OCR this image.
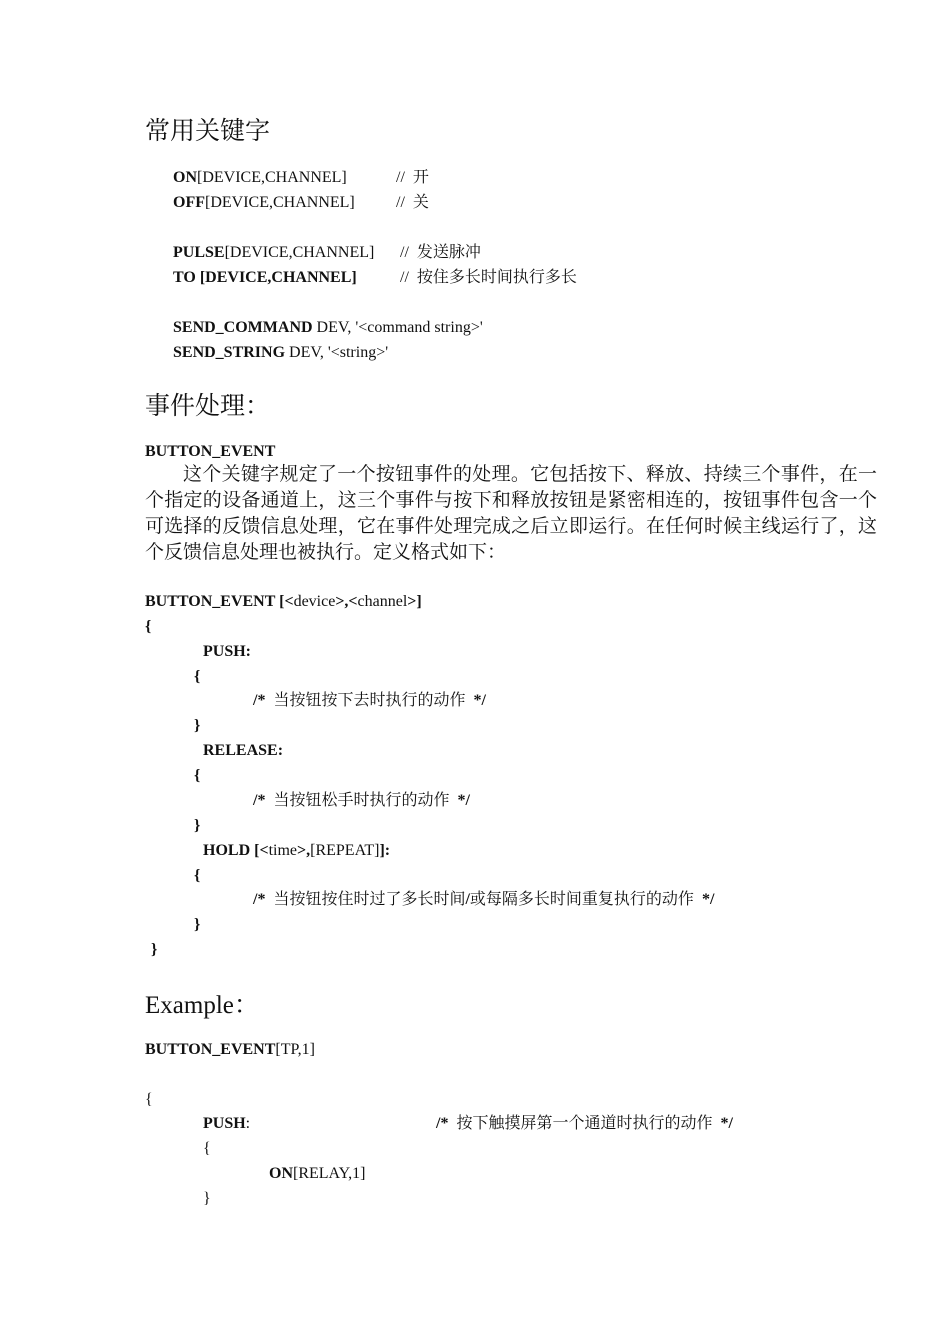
常用关键字
ON[DEVICE,CHANNEL]	//  开
OFF[DEVICE,CHANNEL]	//  关
PULSE[DEVICE,CHANNEL] //  发送脉冲
TO [DEVICE,CHANNEL]	//  按住多长时间执行多长
SEND_COMMAND DEV, '<command string>'
SEND_STRING DEV, '<string>'
事件处理：
BUTTON_EVENT

这个关键字规定了一个按钮事件的处理。它包括按下、释放、持续三个事件，在一个指定的设备通道上，这三个事件与按下和释放按钮是紧密相连的，按钮事件包含一个可选择的反馈信息处理，它在事件处理完成之后立即运行。在任何时候主线运行了，这个反馈信息处理也被执行。定义格式如下：

BUTTON_EVENT [<device>,<channel>]
{
PUSH:
{
/*  当按钮按下去时执行的动作  */
}
RELEASE:
{
/*  当按钮松手时执行的动作  */
}
HOLD [<time>,[REPEAT]]:
{
/*  当按钮按住时过了多长时间/或每隔多长时间重复执行的动作  */
}
}
Example：
BUTTON_EVENT[TP,1]
{
PUSH:	/*  按下触摸屏第一个通道时执行的动作  */
{
ON[RELAY,1]
}
